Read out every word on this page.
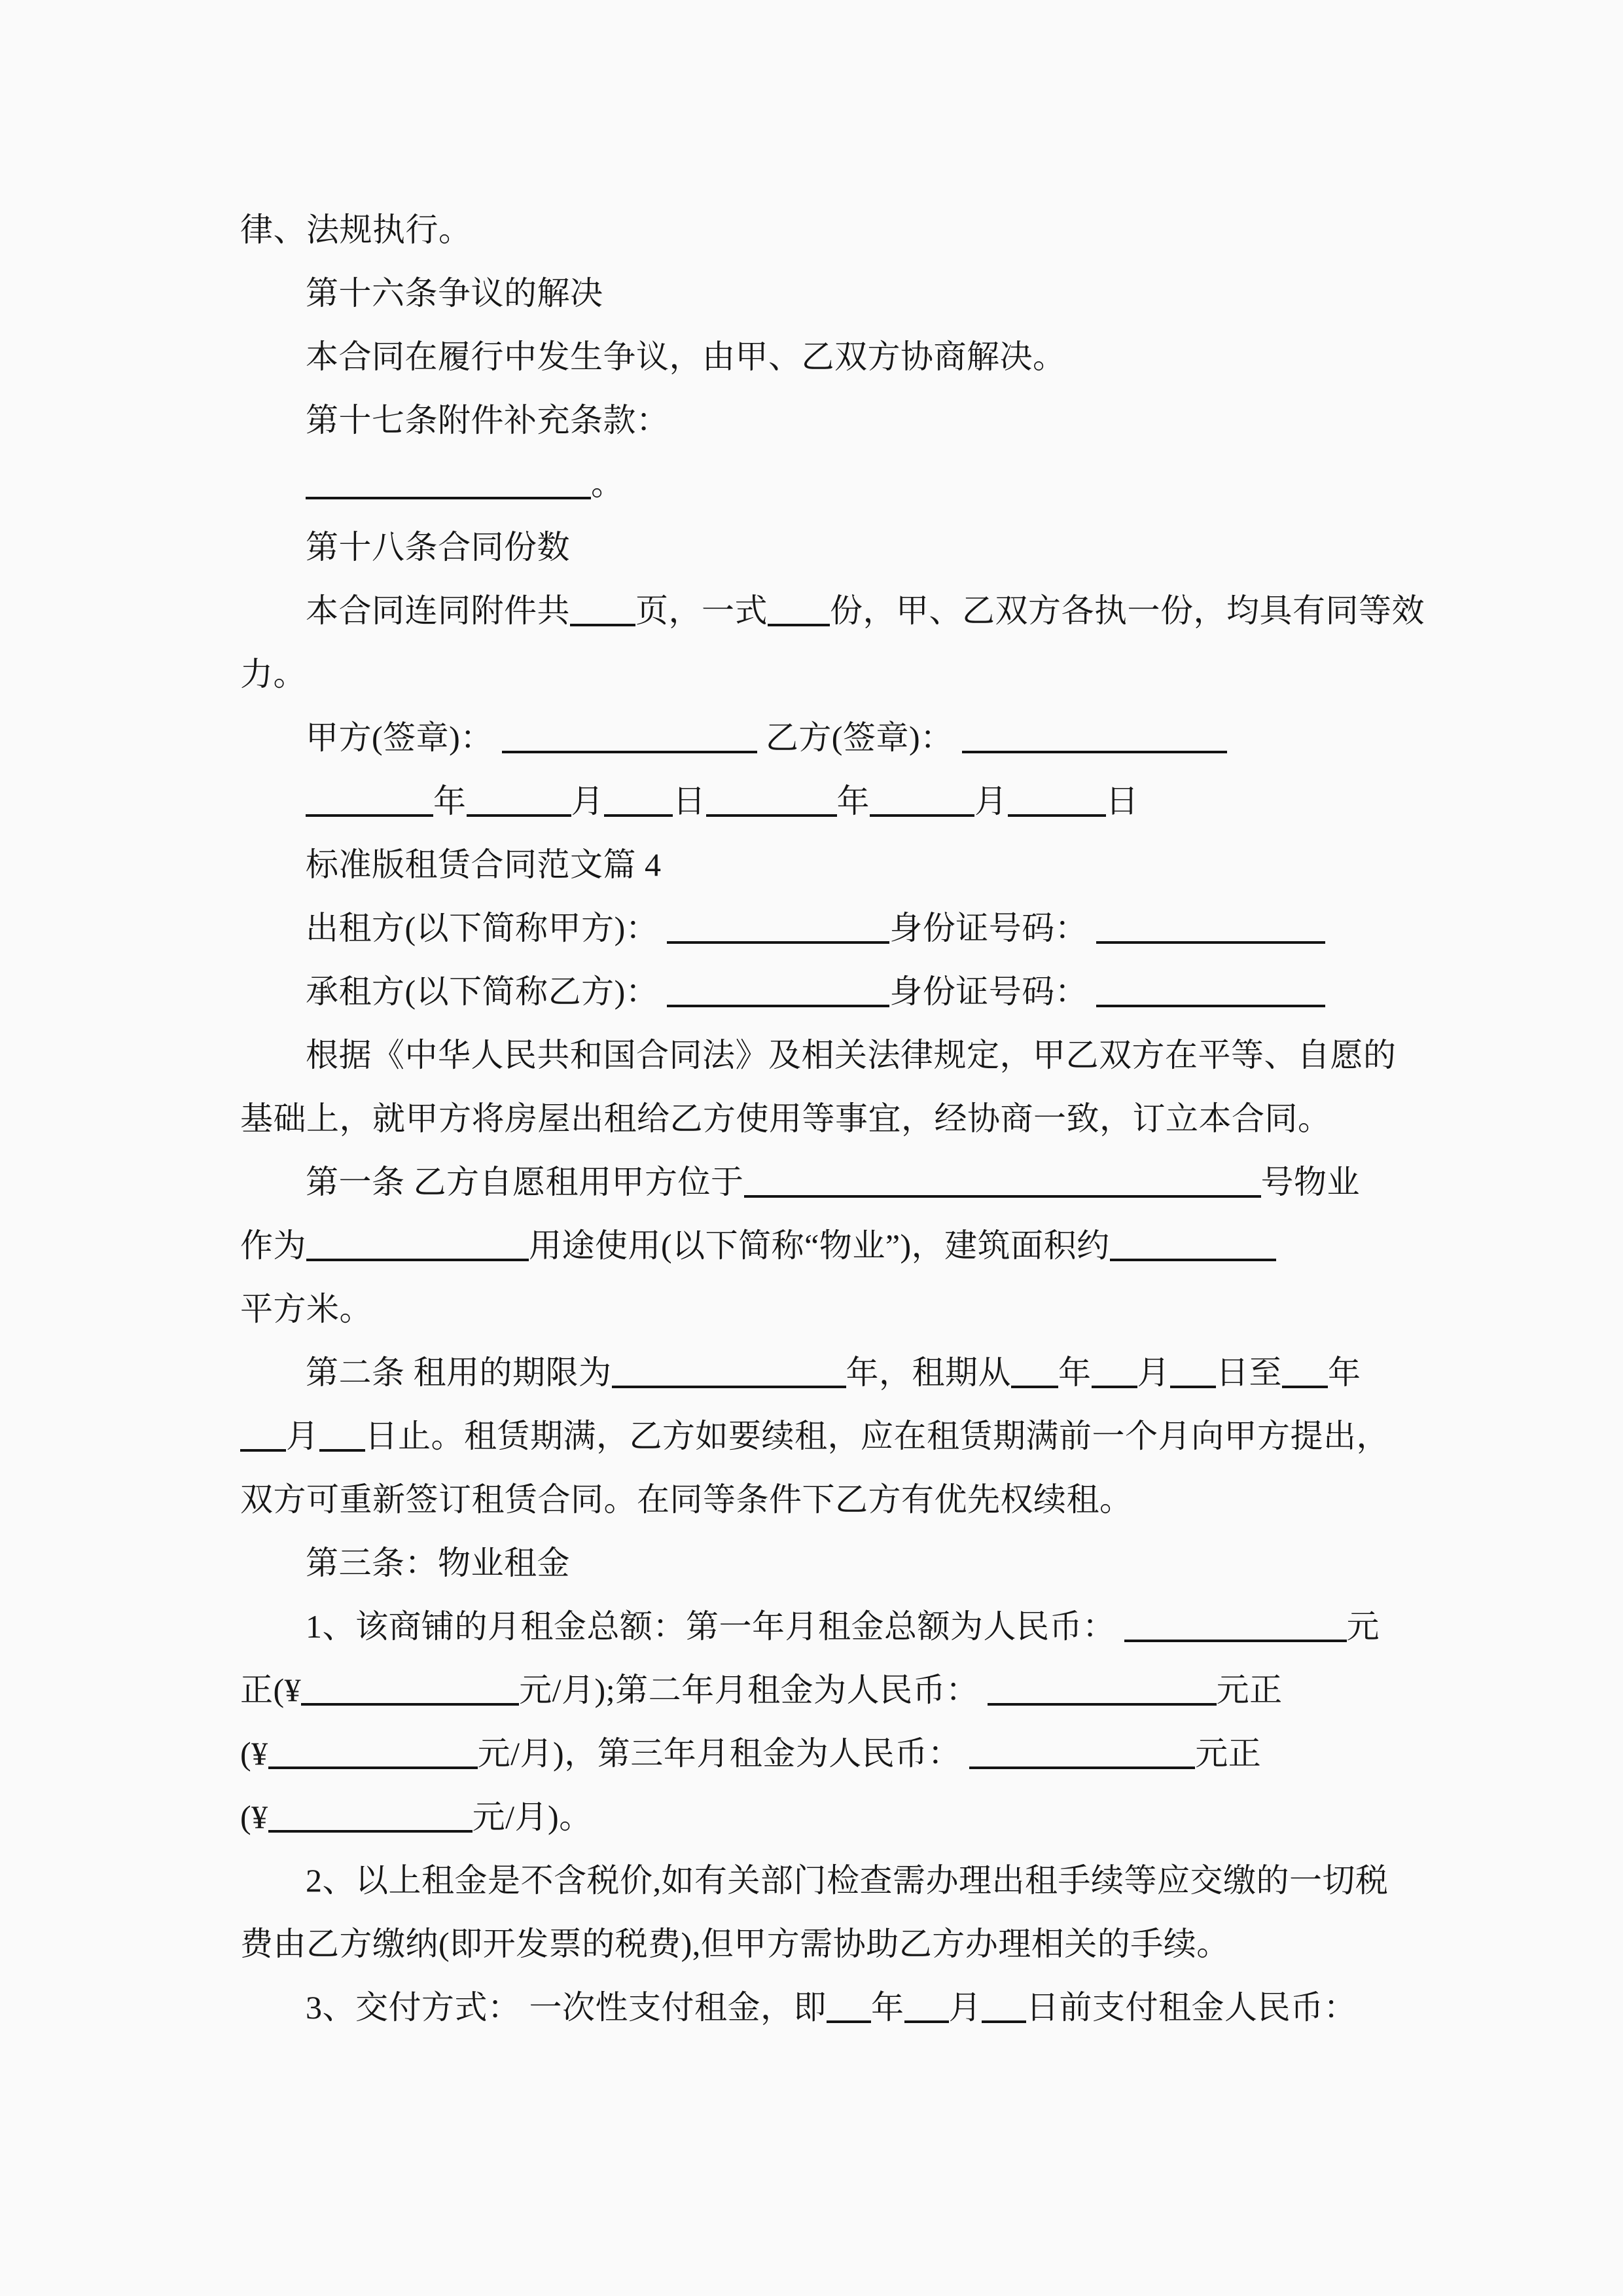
律、法规执行。

第十六条争议的解决

本合同在履行中发生争议，由甲、乙双方协商解决。

第十七条附件补充条款：

。

第十八条合同份数

本合同连同附件共 页，一式 份，甲、乙双方各执一份，均具有同等效

力。

甲方(签章)：	乙方(签章)：

年	月 日	年	月	日

标准版租赁合同范文篇 4

出租方(以下简称甲方)：	身份证号码：

承租方(以下简称乙方)：	身份证号码：

根据《中华人民共和国合同法》及相关法律规定，甲乙双方在平等、自愿的

基础上，就甲方将房屋出租给乙方使用等事宜，经协商一致，订立本合同。

第一条 乙方自愿租用甲方位于	号物业

作为	用途使用(以下简称“物业”)，建筑面积约

平方米。

第二条 租用的期限为	年，租期从 年 月 日至 年

月 日止。租赁期满，乙方如要续租，应在租赁期满前一个月向甲方提出，

双方可重新签订租赁合同。在同等条件下乙方有优先权续租。

第三条：物业租金

1、该商铺的月租金总额：第一年月租金总额为人民币：	元

正(¥	元/月);第二年月租金为人民币：	元正

(¥	元/月)，第三年月租金为人民币：	元正

(¥	元/月)。

2、以上租金是不含税价,如有关部门检查需办理出租手续等应交缴的一切税

费由乙方缴纳(即开发票的税费),但甲方需协助乙方办理相关的手续。

3、交付方式： 一次性支付租金，即 年 月 日前支付租金人民币：
